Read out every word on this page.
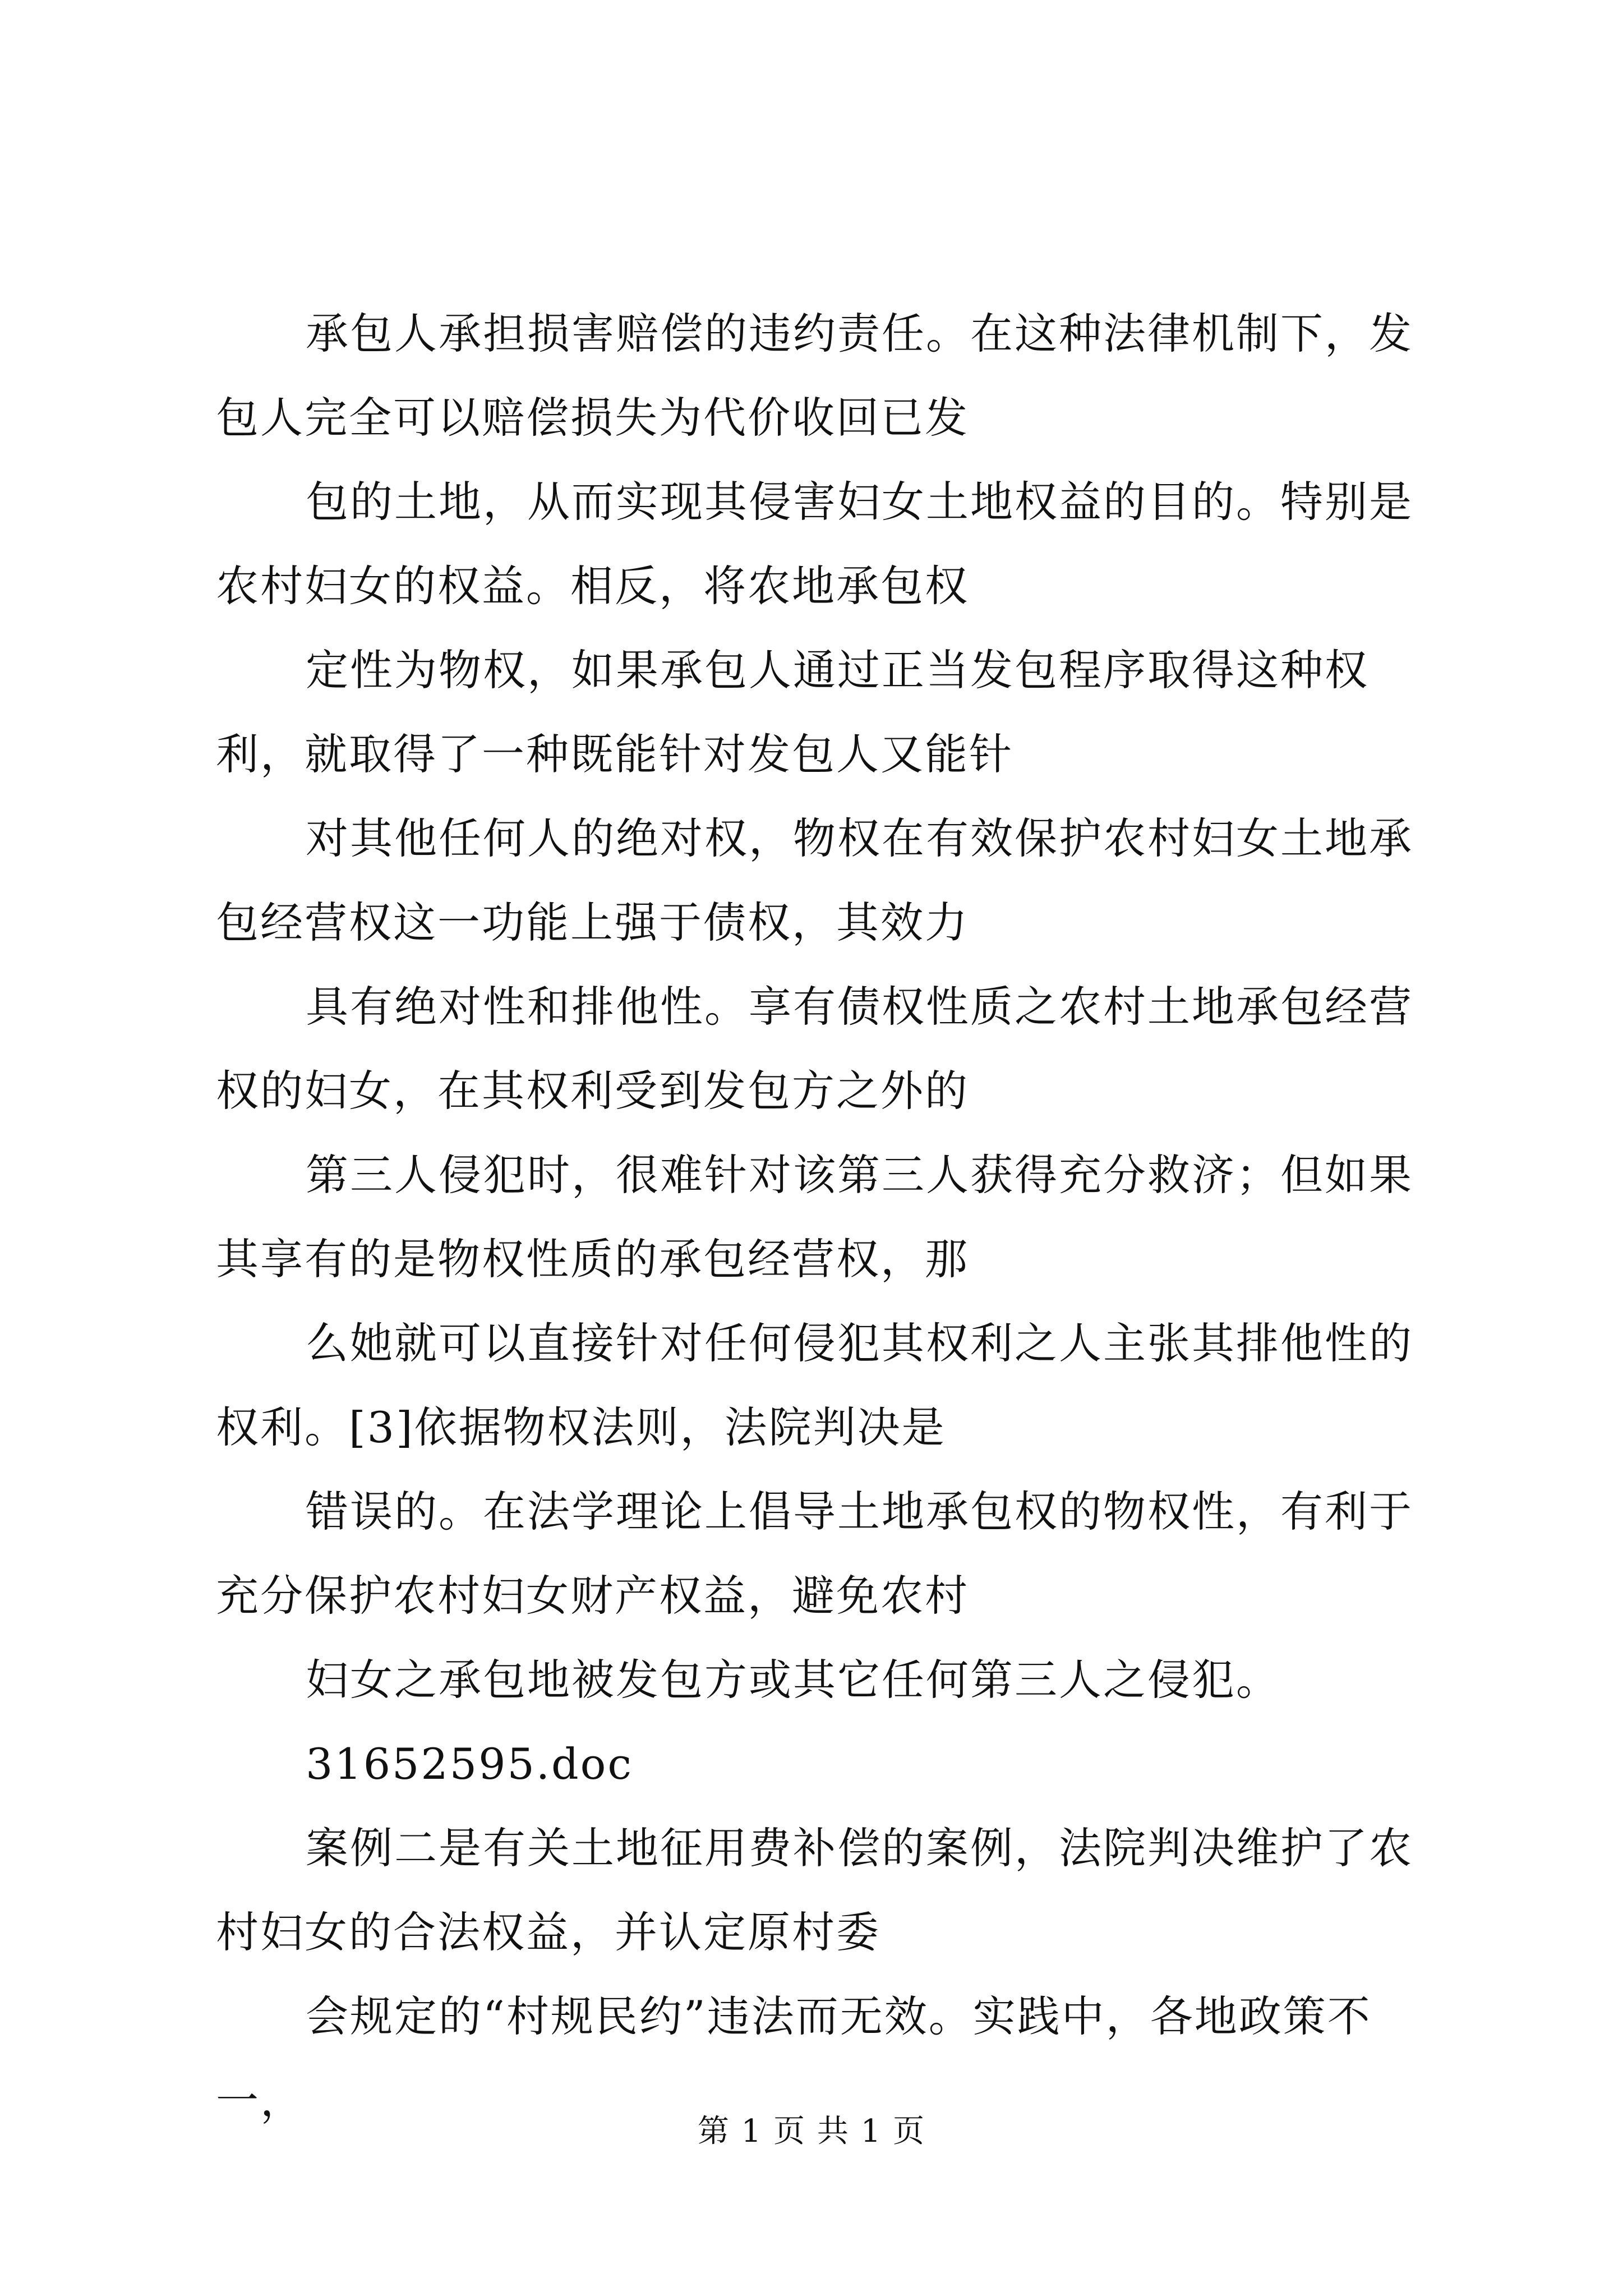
承包人承担损害赔偿的违约责任。在这种法律机制下，发包人完全可以赔偿损失为代价收回已发

包的土地，从而实现其侵害妇女土地权益的目的。特别是农村妇女的权益。相反，将农地承包权

定性为物权，如果承包人通过正当发包程序取得这种权利，就取得了一种既能针对发包人又能针

对其他任何人的绝对权，物权在有效保护农村妇女土地承包经营权这一功能上强于债权，其效力

具有绝对性和排他性。享有债权性质之农村土地承包经营权的妇女，在其权利受到发包方之外的

第三人侵犯时，很难针对该第三人获得充分救济；但如果其享有的是物权性质的承包经营权，那

么她就可以直接针对任何侵犯其权利之人主张其排他性的权利。[3]依据物权法则，法院判决是

错误的。在法学理论上倡导土地承包权的物权性，有利于充分保护农村妇女财产权益，避免农村

妇女之承包地被发包方或其它任何第三人之侵犯。

31652595.doc

案例二是有关土地征用费补偿的案例，法院判决维护了农村妇女的合法权益，并认定原村委

会规定的“村规民约”违法而无效。实践中，各地政策不一，

第 1 页 共 1 页
